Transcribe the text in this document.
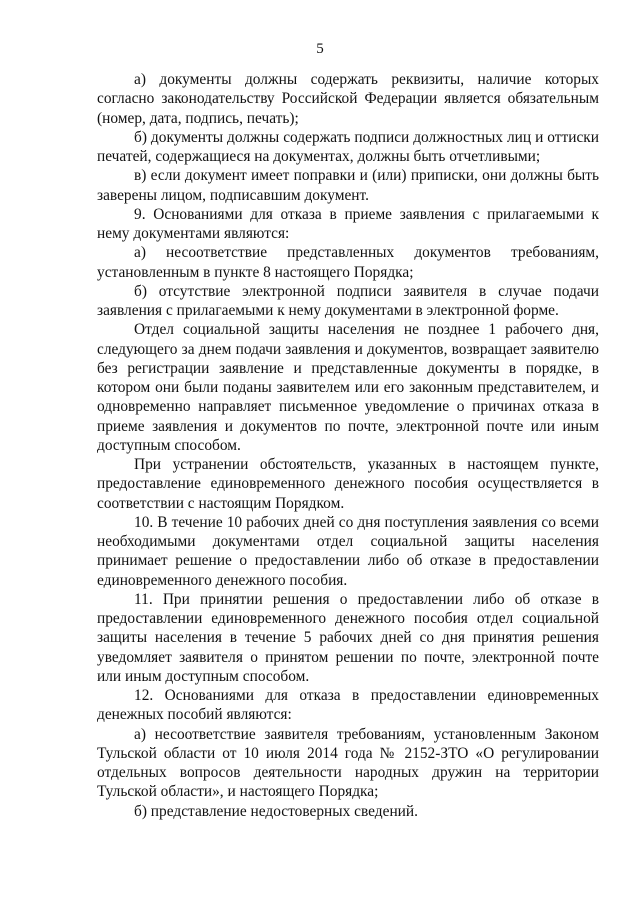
5

а) документы должны содержать реквизиты, наличие которых согласно законодательству Российской Федерации является обязательным (номер, дата, подпись, печать);

б) документы должны содержать подписи должностных лиц и оттиски печатей, содержащиеся на документах, должны быть отчетливыми;

в) если документ имеет поправки и (или) приписки, они должны быть заверены лицом, подписавшим документ.

9. Основаниями для отказа в приеме заявления с прилагаемыми к нему документами являются:

а) несоответствие представленных документов требованиям, установленным в пункте 8 настоящего Порядка;

б) отсутствие электронной подписи заявителя в случае подачи заявления с прилагаемыми к нему документами в электронной форме.

Отдел социальной защиты населения не позднее 1 рабочего дня, следующего за днем подачи заявления и документов, возвращает заявителю без регистрации заявление и представленные документы в порядке, в котором они были поданы заявителем или его законным представителем, и одновременно направляет письменное уведомление о причинах отказа в приеме заявления и документов по почте, электронной почте или иным доступным способом.

При устранении обстоятельств, указанных в настоящем пункте, предоставление единовременного денежного пособия осуществляется в соответствии с настоящим Порядком.

10. В течение 10 рабочих дней со дня поступления заявления со всеми необходимыми документами отдел социальной защиты населения принимает решение о предоставлении либо об отказе в предоставлении единовременного денежного пособия.

11. При принятии решения о предоставлении либо об отказе в предоставлении единовременного денежного пособия отдел социальной защиты населения в течение 5 рабочих дней со дня принятия решения уведомляет заявителя о принятом решении по почте, электронной почте или иным доступным способом.

12. Основаниями для отказа в предоставлении единовременных денежных пособий являются:

а) несоответствие заявителя требованиям, установленным Законом Тульской области от 10 июля 2014 года № 2152-ЗТО «О регулировании отдельных вопросов деятельности народных дружин на территории Тульской области», и настоящего Порядка;

б) представление недостоверных сведений.
